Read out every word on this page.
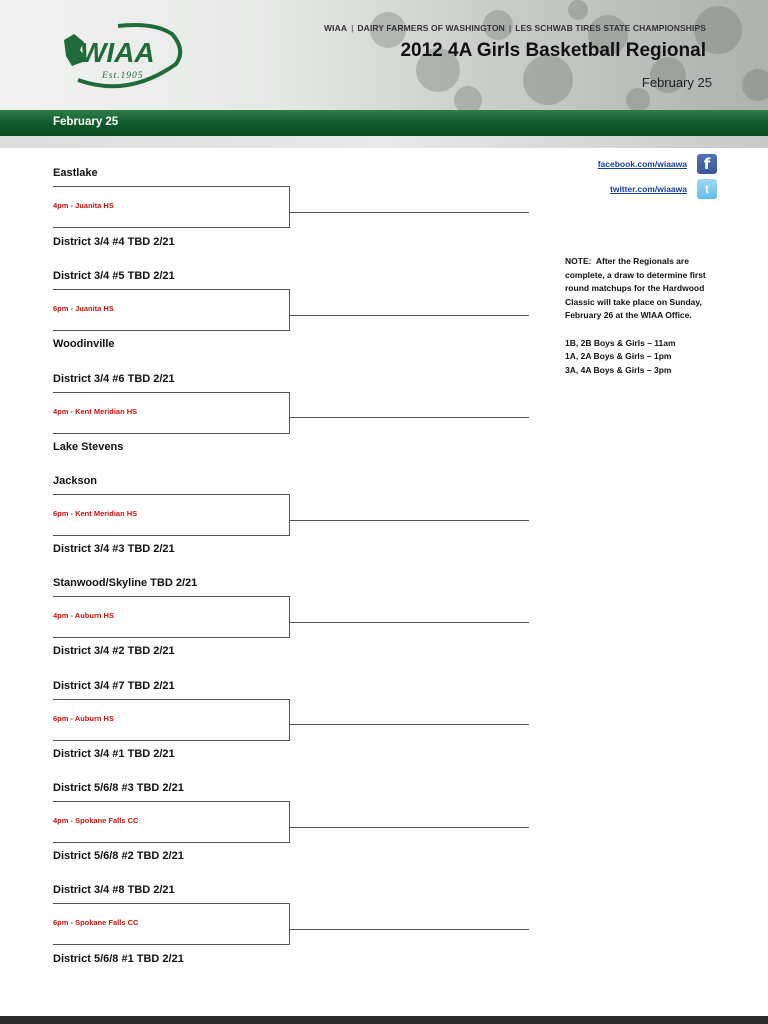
WIAA
Est.1905
WIAA | DAIRY FARMERS OF WASHINGTON | LES SCHWAB TIRES STATE CHAMPIONSHIPS
2012 4A Girls Basketball Regional
February 25
February 25
facebook.com/wiaawa	f
twitter.com/wiaawa	t

NOTE: After the Regionals are complete, a draw to determine first round matchups for the Hardwood Classic will take place on Sunday, February 26 at the WIAA Office.

1B, 2B Boys & Girls – 11am

1A, 2A Boys & Girls – 1pm

3A, 4A Boys & Girls – 3pm

Eastlake
4pm - Juanita HS
District 3/4 #4 TBD 2/21
District 3/4 #5 TBD 2/21
6pm - Juanita HS
Woodinville
District 3/4 #6 TBD 2/21
4pm - Kent Meridian HS
Lake Stevens
Jackson
6pm - Kent Meridian HS
District 3/4 #3 TBD 2/21
Stanwood/Skyline TBD 2/21
4pm - Auburn HS
District 3/4 #2 TBD 2/21
District 3/4 #7 TBD 2/21
6pm - Auburn HS
District 3/4 #1 TBD 2/21
District 5/6/8 #3 TBD 2/21
4pm - Spokane Falls CC
District 5/6/8 #2 TBD 2/21
District 3/4 #8 TBD 2/21
6pm - Spokane Falls CC
District 5/6/8 #1 TBD 2/21
